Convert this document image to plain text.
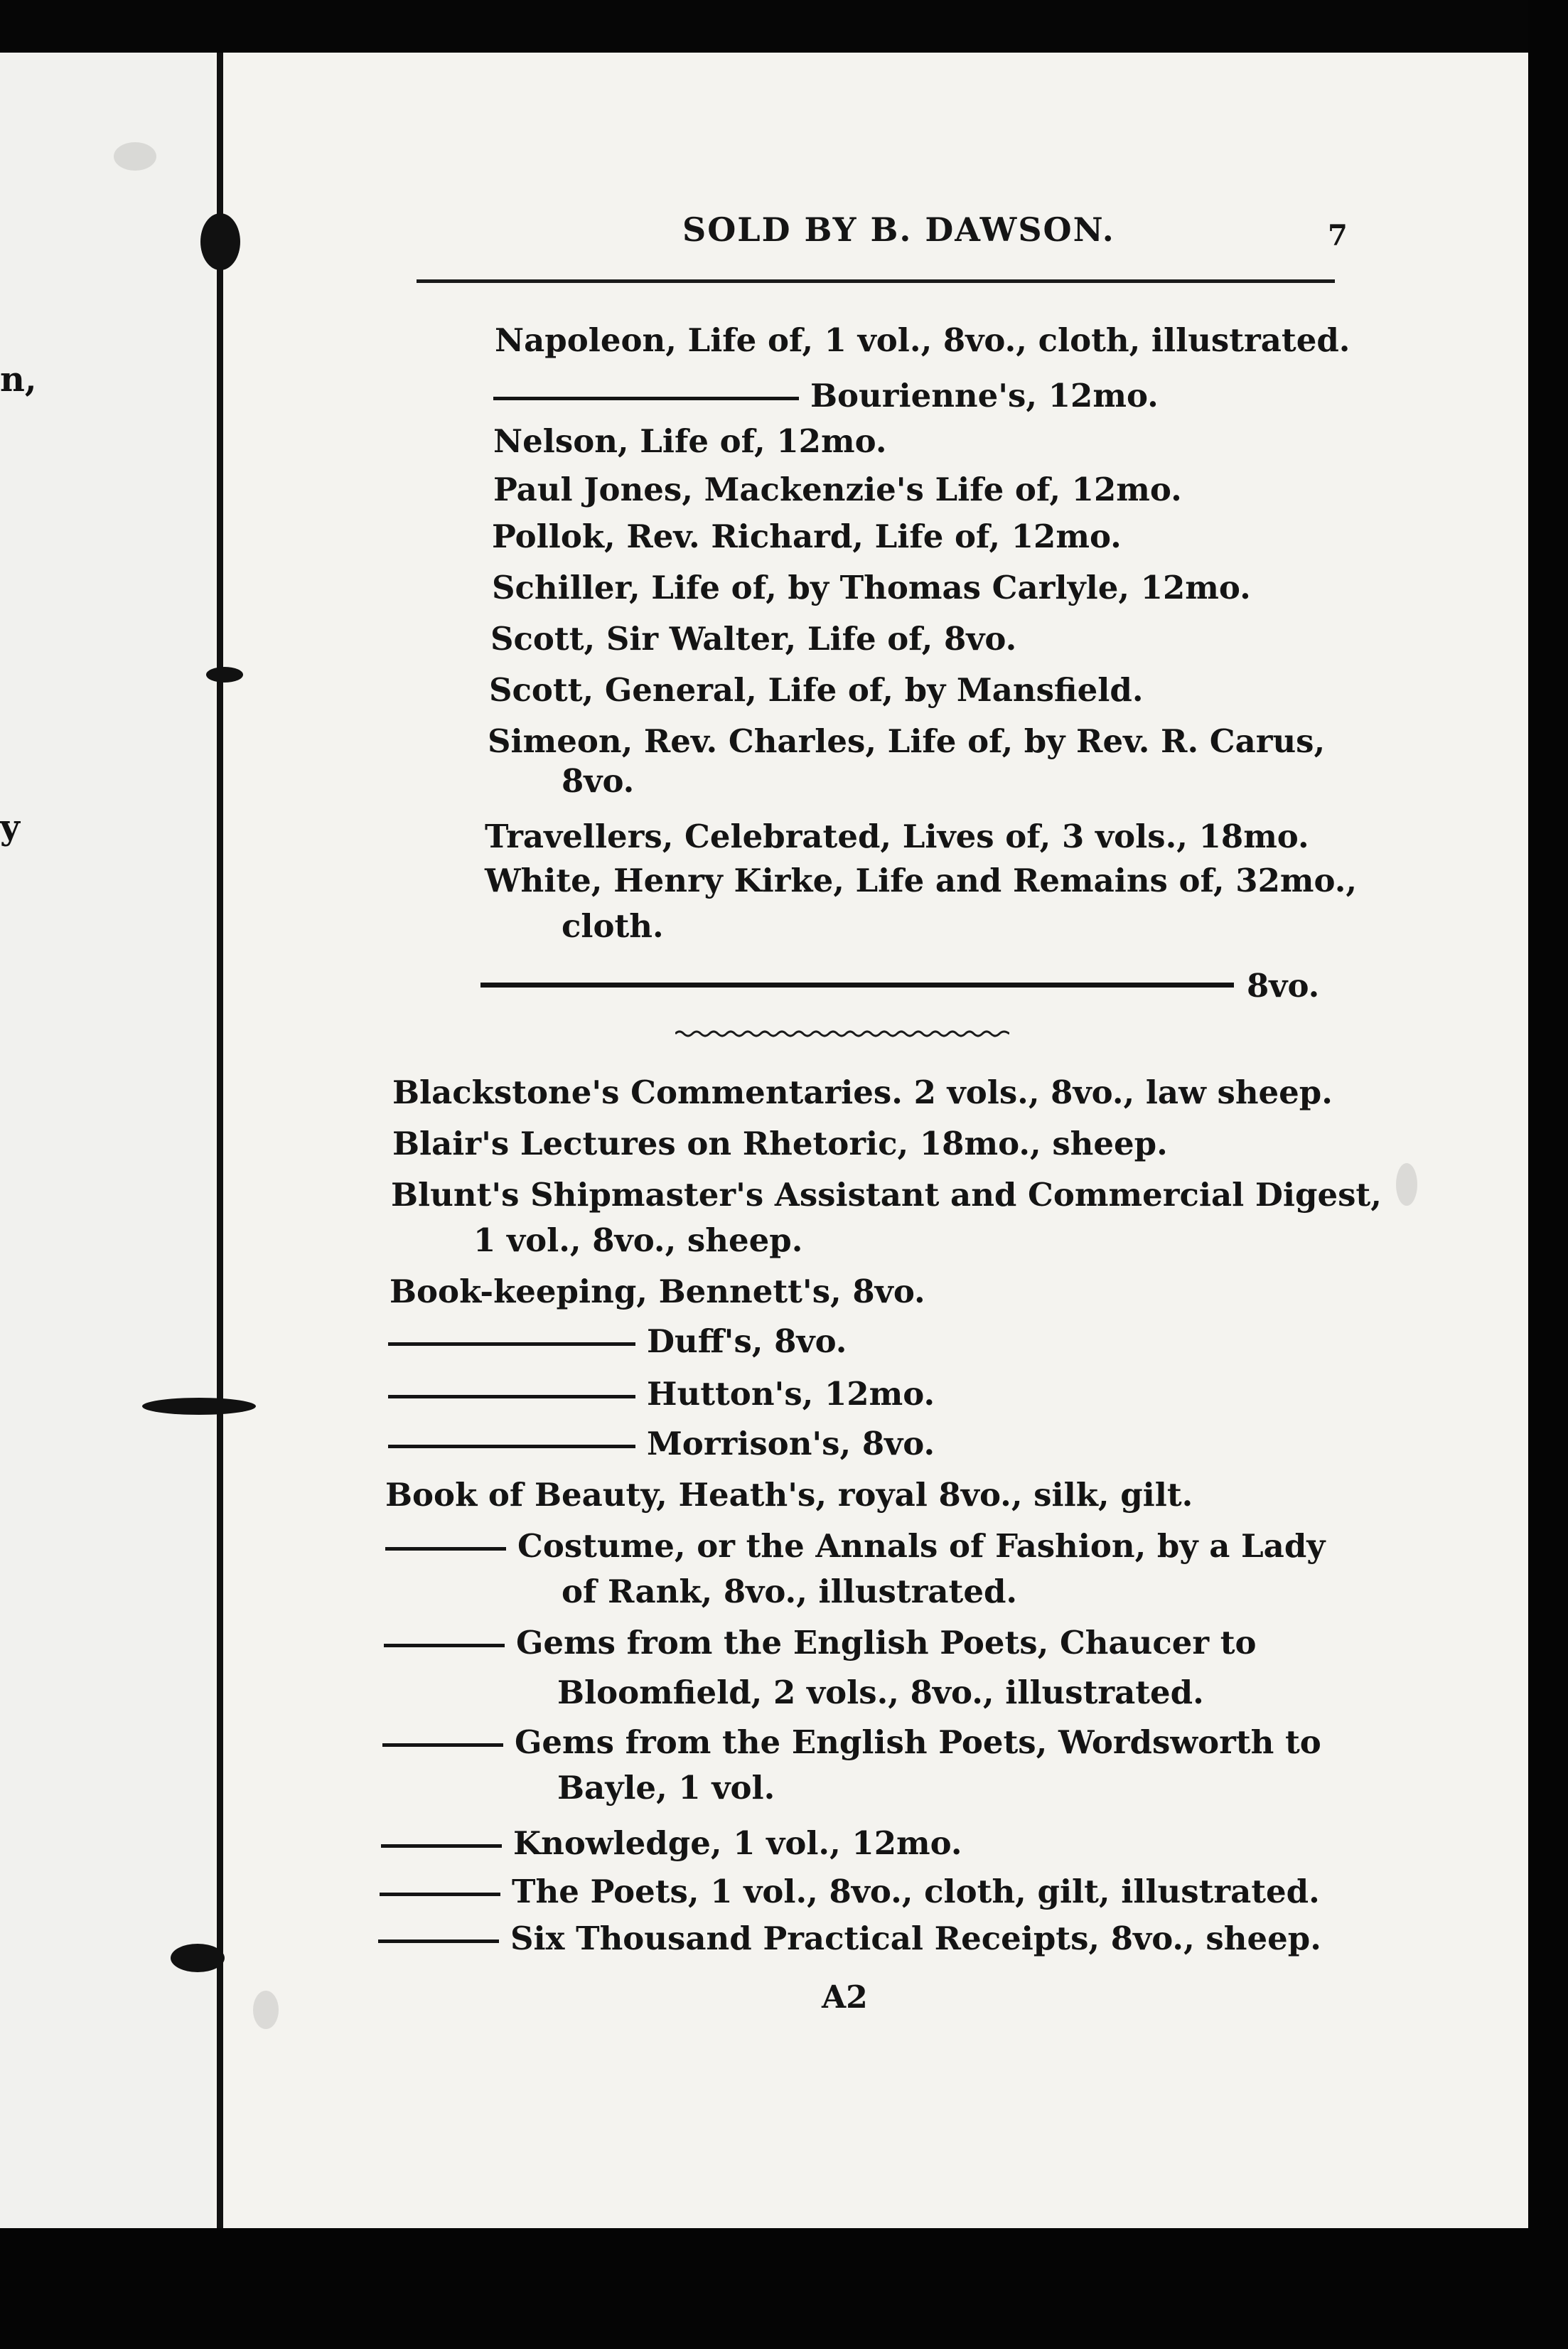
n,
y
SOLD BY B. DAWSON.	7
Napoleon, Life of, 1 vol., 8vo., cloth, illustrated.
Bourienne's, 12mo.
Nelson, Life of, 12mo.
Paul Jones, Mackenzie's Life of, 12mo.
Pollok, Rev. Richard, Life of, 12mo.
Schiller, Life of, by Thomas Carlyle, 12mo.
Scott, Sir Walter, Life of, 8vo.
Scott, General, Life of, by Mansfield.
Simeon, Rev. Charles, Life of, by Rev. R. Carus,
8vo.
Travellers, Celebrated, Lives of, 3 vols., 18mo.
White, Henry Kirke, Life and Remains of, 32mo.,
cloth.
8vo.
Blackstone's Commentaries. 2 vols., 8vo., law sheep.
Blair's Lectures on Rhetoric, 18mo., sheep.
Blunt's Shipmaster's Assistant and Commercial Digest,
1 vol., 8vo., sheep.
Book-keeping, Bennett's, 8vo.
Duff's, 8vo.
Hutton's, 12mo.
Morrison's, 8vo.
Book of Beauty, Heath's, royal 8vo., silk, gilt.
Costume, or the Annals of Fashion, by a Lady
of Rank, 8vo., illustrated.
Gems from the English Poets, Chaucer to
Bloomfield, 2 vols., 8vo., illustrated.
Gems from the English Poets, Wordsworth to
Bayle, 1 vol.
Knowledge, 1 vol., 12mo.
The Poets, 1 vol., 8vo., cloth, gilt, illustrated.
Six Thousand Practical Receipts, 8vo., sheep.
A2
